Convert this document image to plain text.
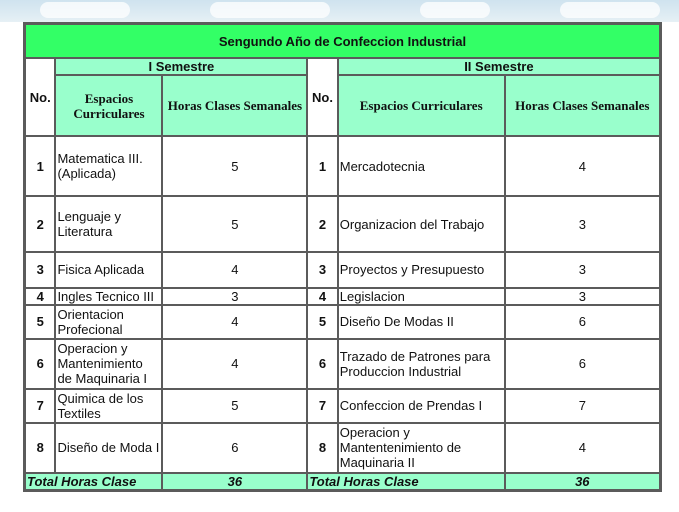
Sengundo Año de Confeccion Industrial					
No.	I Semestre		No.	II Semestre	
	Espacios Curriculares	Horas Clases Semanales		Espacios Curriculares	Horas Clases Semanales
1	Matematica III. (Aplicada)	5	1	Mercadotecnia	4
2	Lenguaje y Literatura	5	2	Organizacion del Trabajo	3
3	Fisica Aplicada	4	3	Proyectos y Presupuesto	3
4	Ingles Tecnico III	3	4	Legislacion	3
5	Orientacion Profecional	4	5	Diseño De Modas II	6
6	Operacion y Mantenimiento de Maquinaria I	4	6	Trazado de Patrones para Produccion Industrial	6
7	Quimica de los Textiles	5	7	Confeccion de Prendas I	7
8	Diseño de Moda I	6	8	Operacion y Mantentenimiento de Maquinaria II	4
Total Horas Clase		36	Total Horas Clase		36
